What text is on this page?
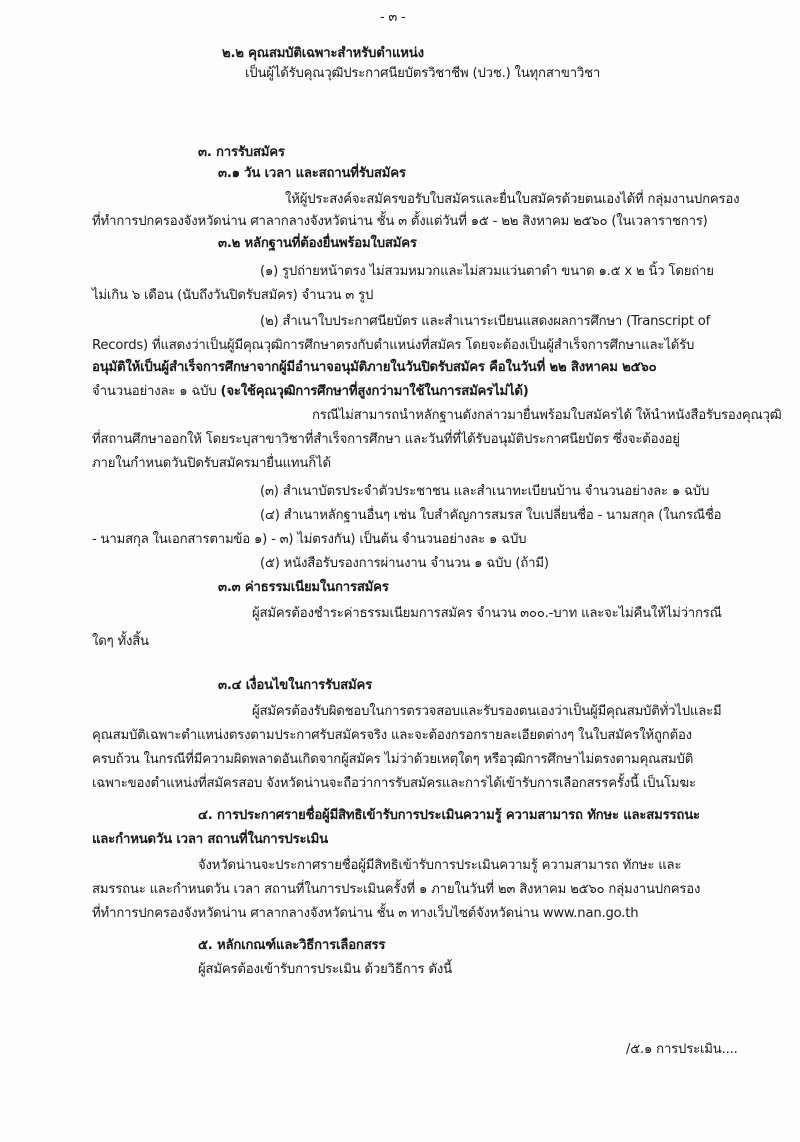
- ๓ -
๒.๒ คุณสมบัติเฉพาะสำหรับตำแหน่ง
เป็นผู้ได้รับคุณวุฒิประกาศนียบัตรวิชาชีพ (ปวช.) ในทุกสาขาวิชา
๓. การรับสมัคร
๓.๑ วัน เวลา และสถานที่รับสมัคร
ให้ผู้ประสงค์จะสมัครขอรับใบสมัครและยื่นใบสมัครด้วยตนเองได้ที่ กลุ่มงานปกครอง
ที่ทำการปกครองจังหวัดน่าน ศาลากลางจังหวัดน่าน ชั้น ๓ ตั้งแต่วันที่ ๑๕ - ๒๒ สิงหาคม ๒๕๖๐ (ในเวลาราชการ)
๓.๒ หลักฐานที่ต้องยื่นพร้อมใบสมัคร
(๑) รูปถ่ายหน้าตรง ไม่สวมหมวกและไม่สวมแว่นตาดำ ขนาด ๑.๕ x ๒ นิ้ว โดยถ่าย
ไม่เกิน ๖ เดือน (นับถึงวันปิดรับสมัคร) จำนวน ๓ รูป
(๒) สำเนาใบประกาศนียบัตร และสำเนาระเบียนแสดงผลการศึกษา (Transcript of
Records) ที่แสดงว่าเป็นผู้มีคุณวุฒิการศึกษาตรงกับตำแหน่งที่สมัคร โดยจะต้องเป็นผู้สำเร็จการศึกษาและได้รับ
อนุมัติให้เป็นผู้สำเร็จการศึกษาจากผู้มีอำนาจอนุมัติภายในวันปิดรับสมัคร คือในวันที่ ๒๒ สิงหาคม ๒๕๖๐
จำนวนอย่างละ ๑ ฉบับ (จะใช้คุณวุฒิการศึกษาที่สูงกว่ามาใช้ในการสมัครไม่ได้)
กรณีไม่สามารถนำหลักฐานดังกล่าวมายื่นพร้อมใบสมัครได้ ให้นำหนังสือรับรองคุณวุฒิ
ที่สถานศึกษาออกให้ โดยระบุสาขาวิชาที่สำเร็จการศึกษา และวันที่ที่ได้รับอนุมัติประกาศนียบัตร ซึ่งจะต้องอยู่
ภายในกำหนดวันปิดรับสมัครมายื่นแทนก็ได้
(๓) สำเนาบัตรประจำตัวประชาชน และสำเนาทะเบียนบ้าน จำนวนอย่างละ ๑ ฉบับ
(๔) สำเนาหลักฐานอื่นๆ เช่น ใบสำคัญการสมรส ใบเปลี่ยนชื่อ - นามสกุล (ในกรณีชื่อ
- นามสกุล ในเอกสารตามข้อ ๑) - ๓) ไม่ตรงกัน) เป็นต้น จำนวนอย่างละ ๑ ฉบับ
(๕) หนังสือรับรองการผ่านงาน จำนวน ๑ ฉบับ (ถ้ามี)
๓.๓ ค่าธรรมเนียมในการสมัคร
ผู้สมัครต้องชำระค่าธรรมเนียมการสมัคร จำนวน ๓๐๐.-บาท และจะไม่คืนให้ไม่ว่ากรณี
ใดๆ ทั้งสิ้น
๓.๔ เงื่อนไขในการรับสมัคร
ผู้สมัครต้องรับผิดชอบในการตรวจสอบและรับรองตนเองว่าเป็นผู้มีคุณสมบัติทั่วไปและมี
คุณสมบัติเฉพาะตำแหน่งตรงตามประกาศรับสมัครจริง และจะต้องกรอกรายละเอียดต่างๆ ในใบสมัครให้ถูกต้อง
ครบถ้วน ในกรณีที่มีความผิดพลาดอันเกิดจากผู้สมัคร ไม่ว่าด้วยเหตุใดๆ หรือวุฒิการศึกษาไม่ตรงตามคุณสมบัติ
เฉพาะของตำแหน่งที่สมัครสอบ จังหวัดน่านจะถือว่าการรับสมัครและการได้เข้ารับการเลือกสรรครั้งนี้ เป็นโมฆะ
๔. การประกาศรายชื่อผู้มีสิทธิเข้ารับการประเมินความรู้ ความสามารถ ทักษะ และสมรรถนะ
และกำหนดวัน เวลา สถานที่ในการประเมิน
จังหวัดน่านจะประกาศรายชื่อผู้มีสิทธิเข้ารับการประเมินความรู้ ความสามารถ ทักษะ และ
สมรรถนะ และกำหนดวัน เวลา สถานที่ในการประเมินครั้งที่ ๑ ภายในวันที่ ๒๓ สิงหาคม ๒๕๖๐ กลุ่มงานปกครอง
ที่ทำการปกครองจังหวัดน่าน ศาลากลางจังหวัดน่าน ชั้น ๓ ทางเว็บไซต์จังหวัดน่าน www.nan.go.th
๕. หลักเกณฑ์และวิธีการเลือกสรร
ผู้สมัครต้องเข้ารับการประเมิน ด้วยวิธีการ ดังนี้
/๕.๑ การประเมิน....
